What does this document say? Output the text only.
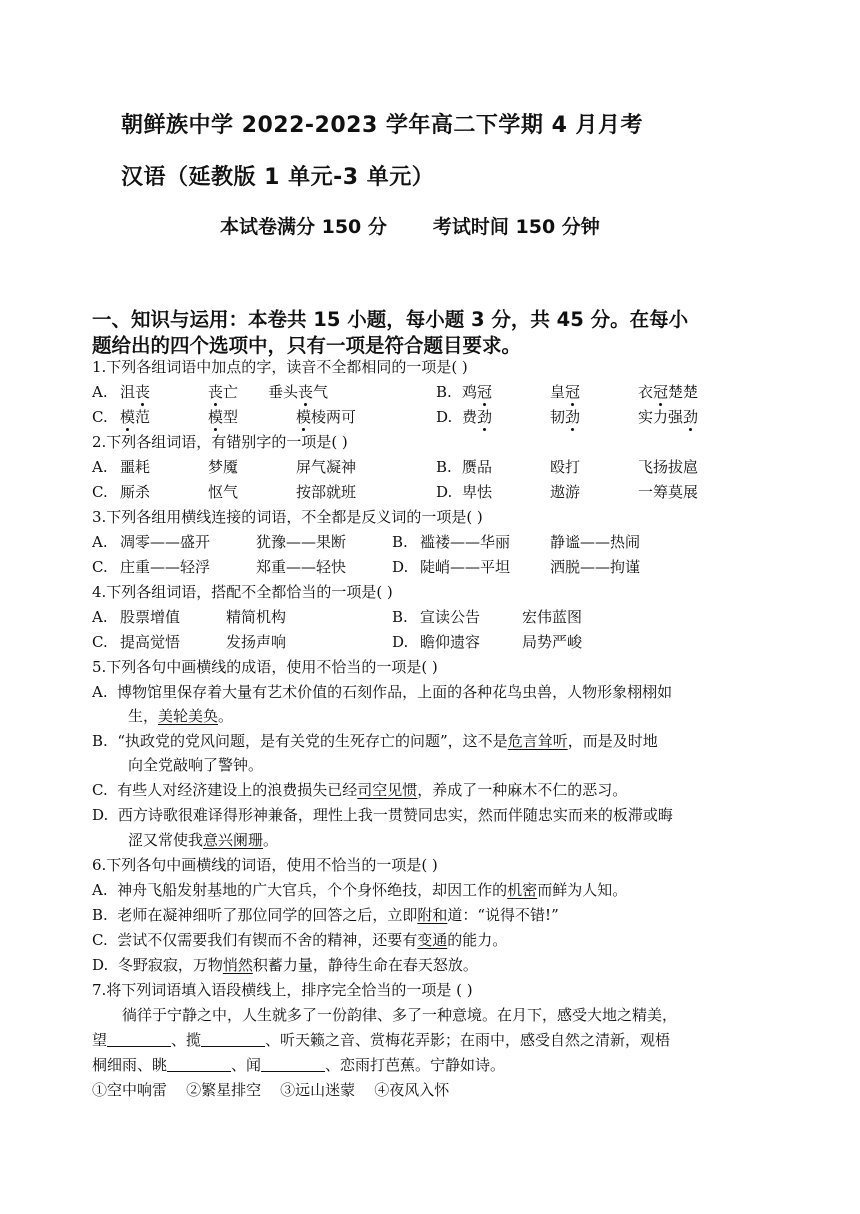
朝鲜族中学 2022-2023 学年高二下学期 4 月月考
汉语（延教版 1 单元-3 单元）
本试卷满分 150 分 考试时间 150 分钟
一、知识与运用：本卷共 15 小题，每小题 3 分，共 45 分。在每小
题给出的四个选项中，只有一项是符合题目要求。
1.下列各组词语中加点的字，读音不全都相同的一项是( )
A. 沮丧	丧亡 垂头丧气	B. 鸡冠	皇冠	衣冠楚楚
C. 模范	模型	模棱两可	D. 费劲	韧劲	实力强劲
2.下列各组词语，有错别字的一项是( )
A. 噩耗	梦魇	屏气凝神	B. 赝品	殴打	飞扬拔扈
C. 厮杀	怄气	按部就班	D. 卑怯	遨游	一筹莫展
3.下列各组用横线连接的词语，不全都是反义词的一项是( )
A. 凋零——盛开	犹豫——果断	B. 褴褛——华丽	静谧——热闹
C. 庄重——轻浮	郑重——轻快	D. 陡峭——平坦	洒脱——拘谨
4.下列各组词语，搭配不全都恰当的一项是( )
A. 股票增值	精简机构	B. 宣读公告	宏伟蓝图
C. 提高觉悟	发扬声响	D. 瞻仰遗容	局势严峻
5.下列各句中画横线的成语，使用不恰当的一项是( )
A. 博物馆里保存着大量有艺术价值的石刻作品，上面的各种花鸟虫兽，人物形象栩栩如
生，美轮美奂。
B. “执政党的党风问题，是有关党的生死存亡的问题”，这不是危言耸听，而是及时地
向全党敲响了警钟。
C. 有些人对经济建设上的浪费损失已经司空见惯，养成了一种麻木不仁的恶习。
D. 西方诗歌很难译得形神兼备，理性上我一贯赞同忠实，然而伴随忠实而来的板滞或晦
涩又常使我意兴阑珊。
6.下列各句中画横线的词语，使用不恰当的一项是( )
A. 神舟飞船发射基地的广大官兵，个个身怀绝技，却因工作的机密而鲜为人知。
B. 老师在凝神细听了那位同学的回答之后，立即附和道：“说得不错!”
C. 尝试不仅需要我们有锲而不舍的精神，还要有变通的能力。
D. 冬野寂寂，万物悄然积蓄力量，静待生命在春天怒放。
7.将下列词语填入语段横线上，排序完全恰当的一项是 ( )
徜徉于宁静之中，人生就多了一份韵律、多了一种意境。在月下，感受大地之精美，
望	、揽	、听天籁之音、赏梅花弄影；在雨中，感受自然之清新，观梧
桐细雨、眺	、闻	、恋雨打芭蕉。宁静如诗。
①空中响雷    ②繁星排空    ③远山迷蒙    ④夜风入怀
